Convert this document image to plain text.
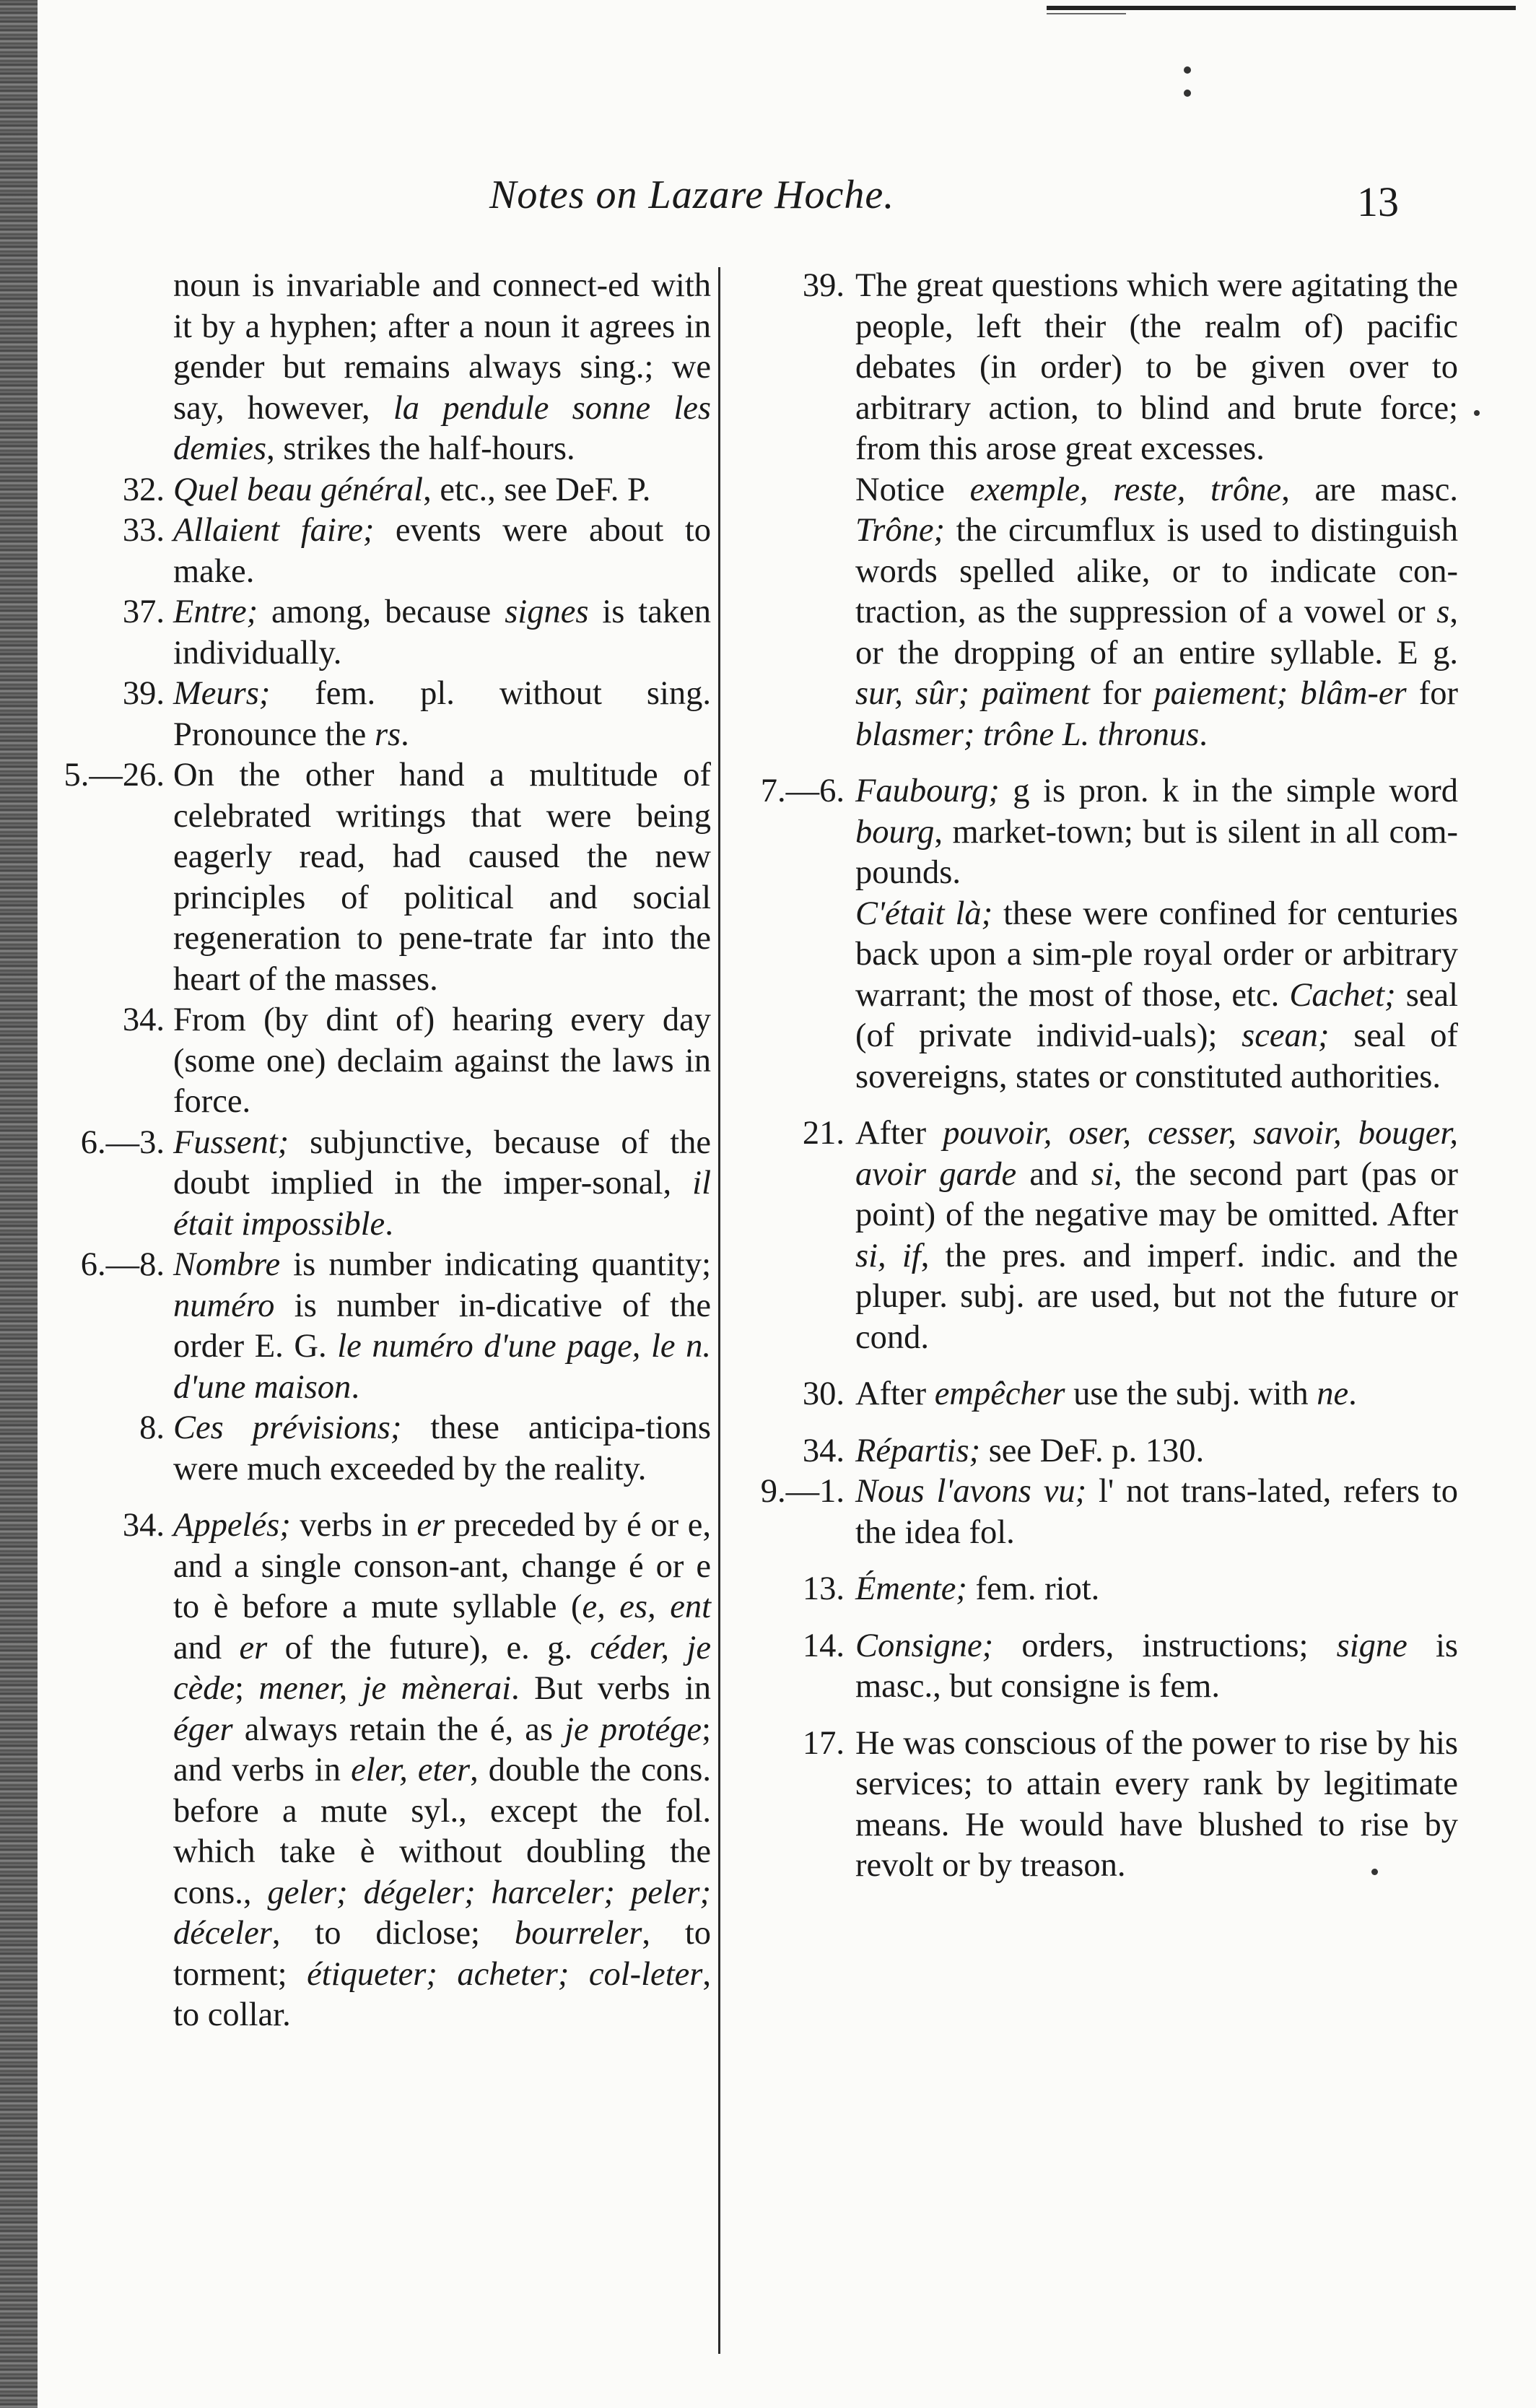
Notes on Lazare Hoche.	13
noun is invariable and connect-ed with it by a hyphen; after a noun it agrees in gender but remains always sing.; we say, however, la pendule sonne les demies, strikes the half-hours.
32. Quel beau général, etc., see DeF. P.
33. Allaient faire; events were about to make.
37. Entre; among, because signes is taken individually.
39. Meurs; fem. pl. without sing. Pronounce the rs.
5.—26. On the other hand a multitude of celebrated writings that were being eagerly read, had caused the new principles of political and social regeneration to pene-trate far into the heart of the masses.
34. From (by dint of) hearing every day (some one) declaim against the laws in force.
6.—3. Fussent; subjunctive, because of the doubt implied in the imper-sonal, il était impossible.
6.—8. Nombre is number indicating quantity; numéro is number in-dicative of the order E. G. le numéro d'une page, le n. d'une maison.
8. Ces prévisions; these anticipa-tions were much exceeded by the reality.
34. Appelés; verbs in er preceded by é or e, and a single conson-ant, change é or e to è before a mute syllable (e, es, ent and er of the future), e. g. céder, je cède; mener, je mènerai. But verbs in éger always retain the é, as je protége; and verbs in eler, eter, double the cons. before a mute syl., except the fol. which take è without doubling the cons., geler; dégeler; harceler; peler; déceler, to diclose; bourreler, to torment; étiqueter; acheter; col-leter, to collar.
39. The great questions which were agitating the people, left their (the realm of) pacific debates (in order) to be given over to arbitrary action, to blind and brute force; from this arose great excesses.
Notice exemple, reste, trône, are masc. Trône; the circumflux is used to distinguish words spelled alike, or to indicate con-traction, as the suppression of a vowel or s, or the dropping of an entire syllable. E g. sur, sûr; païment for paiement; blâm-er for blasmer; trône L. thronus.
7.—6. Faubourg; g is pron. k in the simple word bourg, market-town; but is silent in all com-pounds.
C'était là; these were confined for centuries back upon a sim-ple royal order or arbitrary warrant; the most of those, etc. Cachet; seal (of private individ-uals); scean; seal of sovereigns, states or constituted authorities.
21. After pouvoir, oser, cesser, savoir, bouger, avoir garde and si, the second part (pas or point) of the negative may be omitted. After si, if, the pres. and imperf. indic. and the pluper. subj. are used, but not the future or cond.
30. After empêcher use the subj. with ne.
34. Répartis; see DeF. p. 130.
9.—1. Nous l'avons vu; l' not trans-lated, refers to the idea fol.
13. Émente; fem. riot.
14. Consigne; orders, instructions; signe is masc., but consigne is fem.
17. He was conscious of the power to rise by his services; to attain every rank by legitimate means. He would have blushed to rise by revolt or by treason.
